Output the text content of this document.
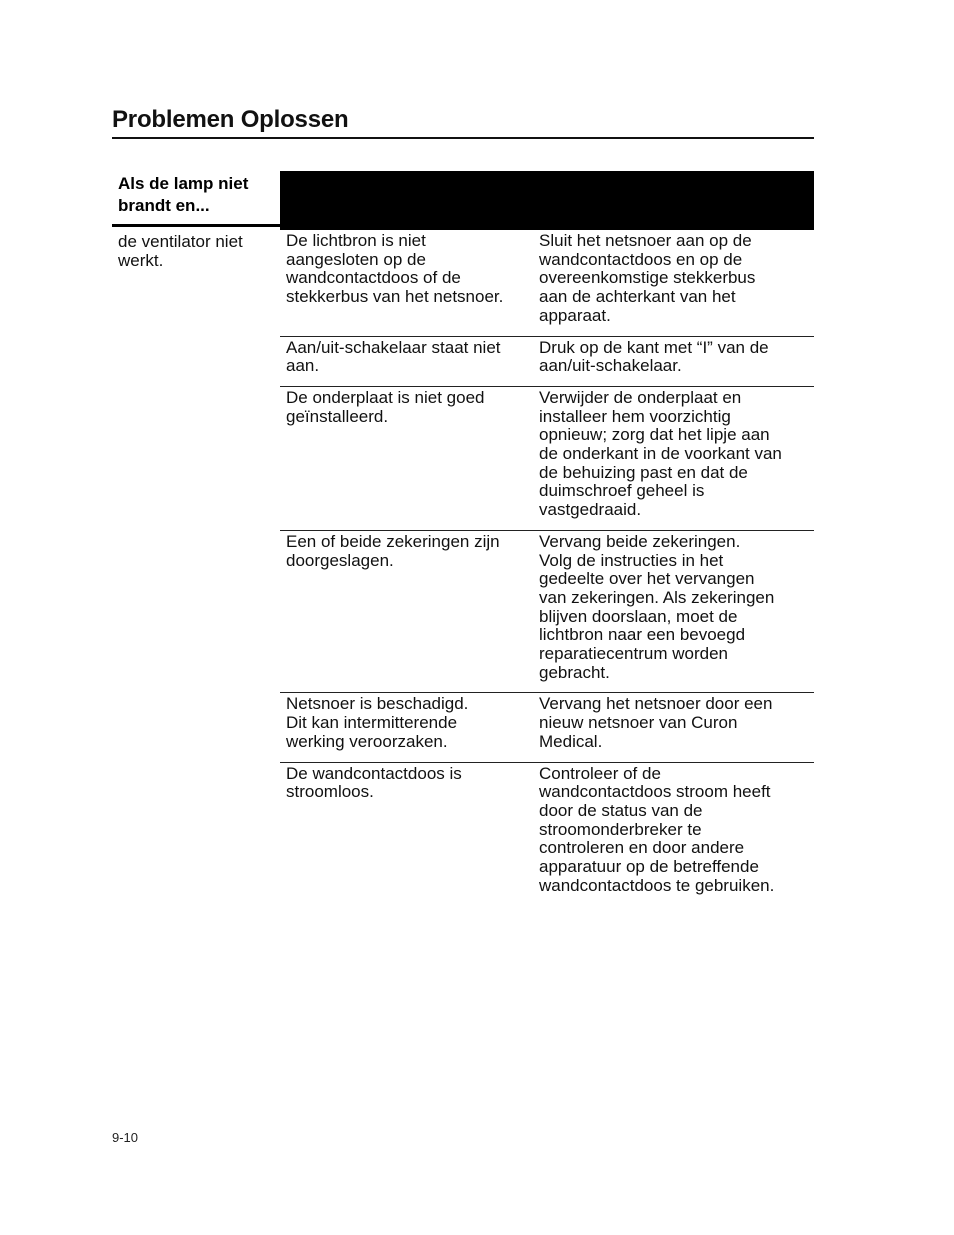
Problemen Oplossen
Als de lamp niet
brandt en...
de ventilator niet
werkt.
De lichtbron is niet
aangesloten op de
wandcontactdoos of de
stekkerbus van het netsnoer.
Sluit het netsnoer aan op de
wandcontactdoos en op de
overeenkomstige stekkerbus
aan de achterkant van het
apparaat.
Aan/uit-schakelaar staat niet
aan.
Druk op de kant met “I” van de
aan/uit-schakelaar.
De onderplaat is niet goed
geïnstalleerd.
Verwijder de onderplaat en
installeer hem voorzichtig
opnieuw; zorg dat het lipje aan
de onderkant in de voorkant van
de behuizing past en dat de
duimschroef geheel is
vastgedraaid.
Een of beide zekeringen zijn
doorgeslagen.
Vervang beide zekeringen.
Volg de instructies in het
gedeelte over het vervangen
van zekeringen. Als zekeringen
blijven doorslaan, moet de
lichtbron naar een bevoegd
reparatiecentrum worden
gebracht.
Netsnoer is beschadigd.
Dit kan intermitterende
werking veroorzaken.
Vervang het netsnoer door een
nieuw netsnoer van Curon
Medical.
De wandcontactdoos is
stroomloos.
Controleer of de
wandcontactdoos stroom heeft
door de status van de
stroomonderbreker te
controleren en door andere
apparatuur op de betreffende
wandcontactdoos te gebruiken.
9-10
